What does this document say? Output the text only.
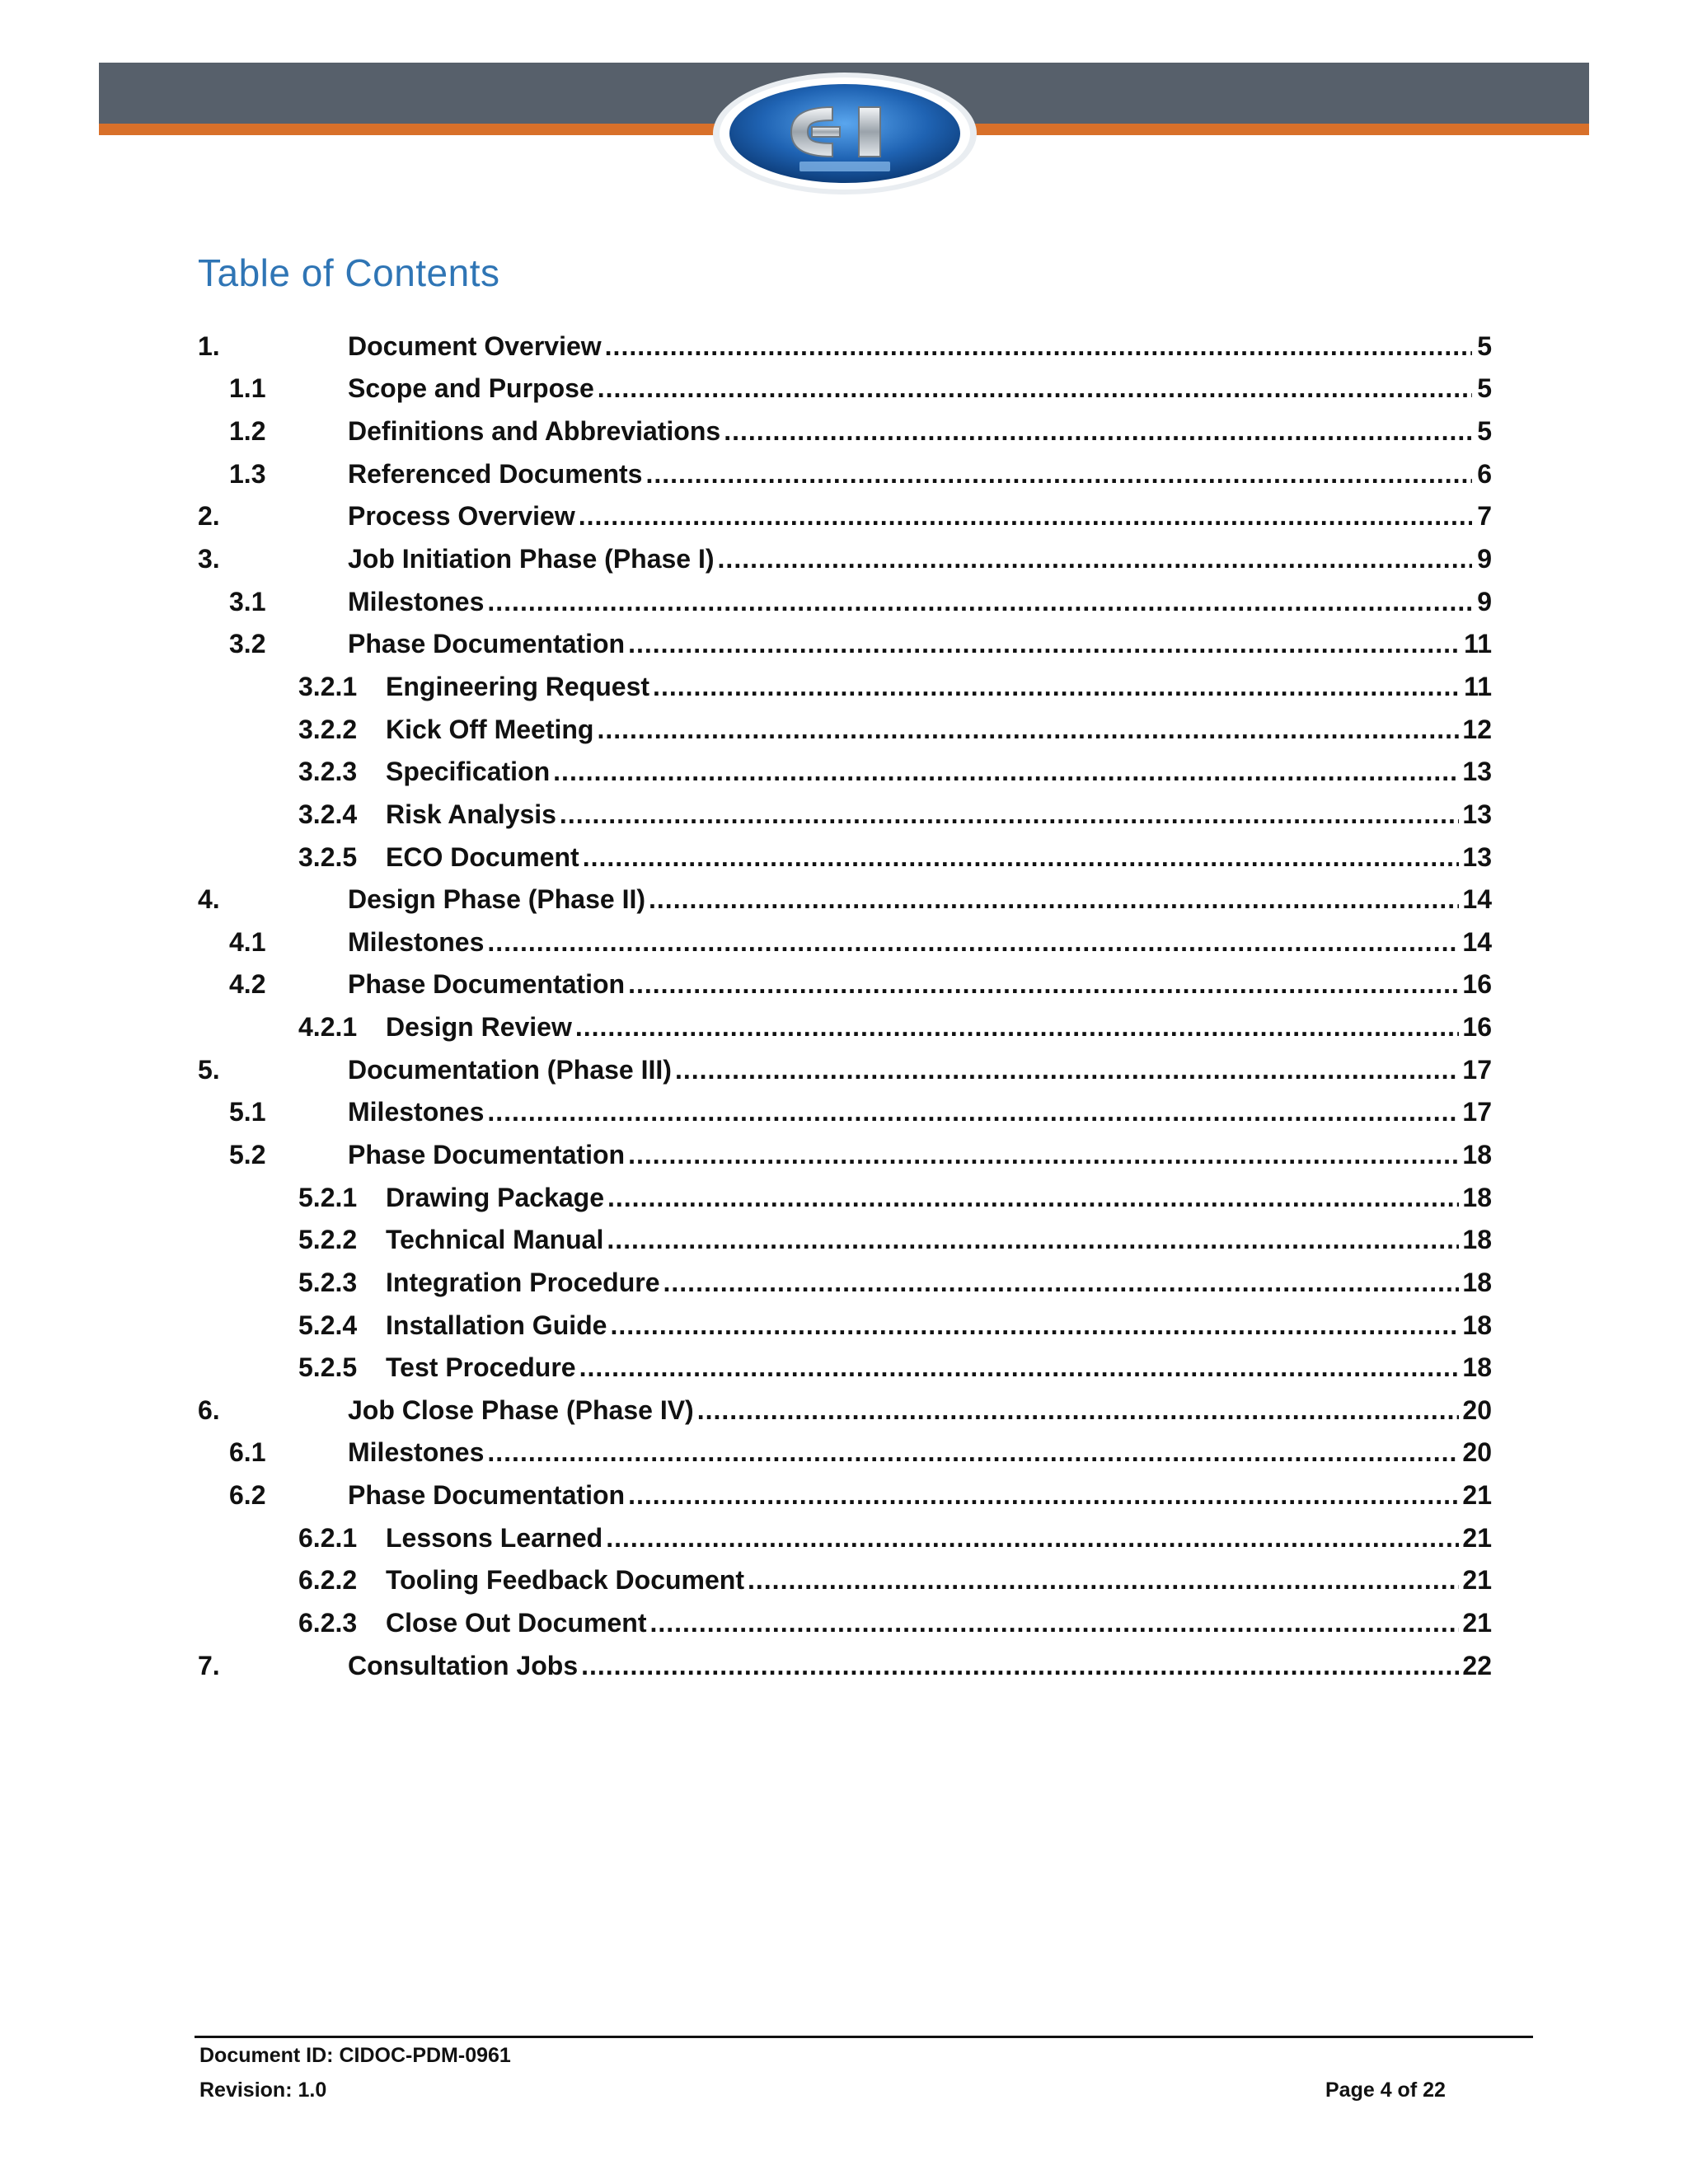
Table of Contents
1.	Document Overview .....	5
1.1	Scope and Purpose .....	5
1.2	Definitions and Abbreviations .....	5
1.3	Referenced Documents .....	6
2.	Process Overview .....	7
3.	Job Initiation Phase (Phase I) .....	9
3.1	Milestones .....	9
3.2	Phase Documentation .....	11
3.2.1 Engineering Request .....	11
3.2.2 Kick Off Meeting .....	12
3.2.3 Specification .....	13
3.2.4 Risk Analysis .....	13
3.2.5 ECO Document .....	13
4.	Design Phase (Phase II) .....	14
4.1	Milestones .....	14
4.2	Phase Documentation .....	16
4.2.1 Design Review .....	16
5.	Documentation (Phase III) .....	17
5.1	Milestones .....	17
5.2	Phase Documentation .....	18
5.2.1 Drawing Package .....	18
5.2.2 Technical Manual .....	18
5.2.3 Integration Procedure .....	18
5.2.4 Installation Guide .....	18
5.2.5 Test Procedure .....	18
6.	Job Close Phase (Phase IV) .....	20
6.1	Milestones .....	20
6.2	Phase Documentation .....	21
6.2.1 Lessons Learned .....	21
6.2.2 Tooling Feedback Document .....	21
6.2.3 Close Out Document .....	21
7.	Consultation Jobs .....	22
Document ID: CIDOC-PDM-0961
Revision: 1.0	Page 4 of 22
